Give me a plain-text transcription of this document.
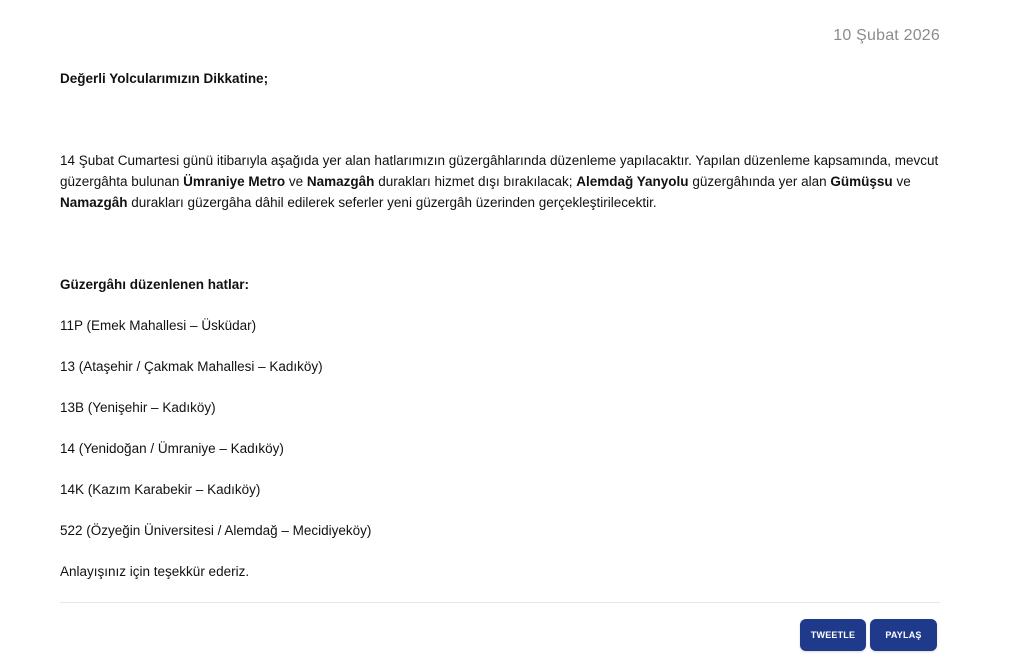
10 Şubat 2026

Değerli Yolcularımızın Dikkatine;

14 Şubat Cumartesi günü itibarıyla aşağıda yer alan hatlarımızın güzergâhlarında düzenleme yapılacaktır. Yapılan düzenleme kapsamında, mevcut güzergâhta bulunan Ümraniye Metro ve Namazgâh durakları hizmet dışı bırakılacak; Alemdağ Yanyolu güzergâhında yer alan Gümüşsu ve Namazgâh durakları güzergâha dâhil edilerek seferler yeni güzergâh üzerinden gerçekleştirilecektir.

Güzergâhı düzenlenen hatlar:

11P (Emek Mahallesi – Üsküdar)

13 (Ataşehir / Çakmak Mahallesi – Kadıköy)

13B (Yenişehir – Kadıköy)

14 (Yenidoğan / Ümraniye – Kadıköy)

14K (Kazım Karabekir – Kadıköy)

522 (Özyeğin Üniversitesi / Alemdağ – Mecidiyeköy)

Anlayışınız için teşekkür ederiz.

TWEETLE	PAYLAŞ
